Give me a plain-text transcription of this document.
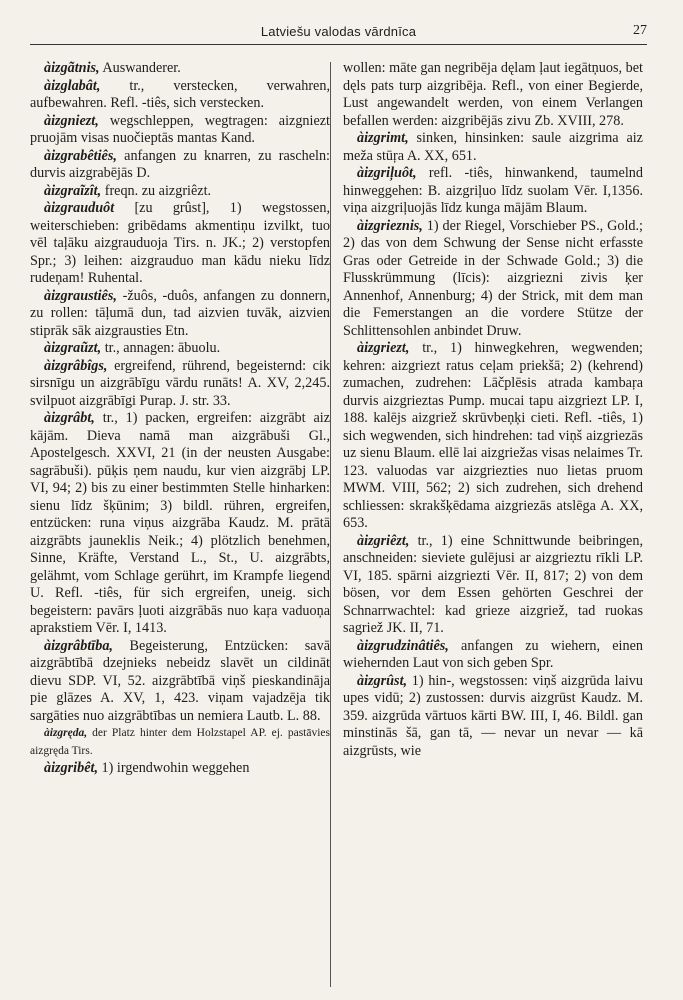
Latviešu valodas vārdnīca	27

àizgãtnis, Auswanderer.

àizglabât, tr., verstecken, verwahren, aufbewahren. Refl. -tiês, sich verstecken.

àizgniezt, wegschleppen, wegtragen: aizgniezt pruojām visas nuočieptās mantas Kand.

àizgrabêtiês, anfangen zu knarren, zu rascheln: durvis aizgrabējās D.

àizgraĩzît, freqn. zu aizgriêzt.

àizgrauduôt [zu grûst], 1) wegstossen, weiterschieben: gribēdams akmentiņu izvilkt, tuo vēl taļāku aizgrauduoja Tirs. n. JK.; 2) verstopfen Spr.; 3) leihen: aizgrauduo man kādu nieku līdz rudeņam! Ruhental.

àizgraustiês, -žuôs, -duôs, anfangen zu donnern, zu rollen: tāļumā dun, tad aizvien tuvāk, aizvien stiprāk sāk aizgrausties Etn.

àizgraũzt, tr., annagen: ābuolu.

àizgrâbîgs, ergreifend, rührend, begeisternd: cik sirsnīgu un aizgrābīgu vārdu runāts! A. XV, 2,245. svilpuot aizgrābīgi Purap. J. str. 33.

àizgrâbt, tr., 1) packen, ergreifen: aizgrābt aiz kājām. Dieva namā man aizgrābuši Gl., Apostelgesch. XXVI, 21 (in der neusten Ausgabe: sagrābuši). pūķis ņem naudu, kur vien aizgrābj LP. VI, 94; 2) bis zu einer bestimmten Stelle hinharken: sienu līdz šķūnim; 3) bildl. rühren, ergreifen, entzücken: runa viņus aizgrāba Kaudz. M. prātā aizgrābts jauneklis Neik.; 4) plötzlich benehmen, Sinne, Kräfte, Verstand L., St., U. aizgrābts, gelähmt, vom Schlage gerührt, im Krampfe liegend U. Refl. -tiês, für sich ergreifen, uneig. sich begeistern: pavārs ļuoti aizgrābās nuo kaŗa vaduoņa aprakstiem Vēr. I, 1413.

àizgrâbtība, Begeisterung, Entzücken: savā aizgrābtībā dzejnieks nebeidz slavēt un cildināt dievu SDP. VI, 52. aizgrābtībā viņš pieskandināja pie glāzes A. XV, 1, 423. viņam vajadzēja tik sargāties nuo aizgrābtības un nemiera Lautb. L. 88.

àizgręda, der Platz hinter dem Holzstapel AP. ej. pastāvies aizgręda Tirs.

àizgribêt, 1) irgendwohin weggehen

wollen: māte gan negribēja dęlam ļaut iegātņuos, bet dęls pats turp aizgribēja. Refl., von einer Begierde, Lust angewandelt werden, von einem Verlangen befallen werden: aizgribējās zivu Zb. XVIII, 278.

àizgrimt, sinken, hinsinken: saule aizgrima aiz meža stūŗa A. XX, 651.

àizgriļuôt, refl. -tiês, hinwankend, taumelnd hinweggehen: B. aizgriļuo līdz suolam Vēr. I,1356. viņa aizgriļuojās līdz kunga mājām Blaum.

àizgrieznis, 1) der Riegel, Vorschieber PS., Gold.; 2) das von dem Schwung der Sense nicht erfasste Gras oder Getreide in der Schwade Gold.; 3) die Flusskrümmung (līcis): aizgriezni zivis ķer Annenhof, Annenburg; 4) der Strick, mit dem man die Femerstangen an die vordere Stütze der Schlittensohlen anbindet Druw.

àizgriezt, tr., 1) hinwegkehren, wegwenden; kehren: aizgriezt ratus ceļam priekšā; 2) (kehrend) zumachen, zudrehen: Lāčplēsis atrada kambaŗa durvis aizgrieztas Pump. mucai tapu aizgriezt LP. I, 188. kalējs aizgriež skrūvbeņķi cieti. Refl. -tiês, 1) sich wegwenden, sich hindrehen: tad viņš aizgriezās uz sienu Blaum. ellē lai aizgriežas visas nelaimes Tr. 123. valuodas var aizgriezties nuo lietas pruom MWM. VIII, 562; 2) sich zudrehen, sich drehend schliessen: skrakšķēdama aizgriezās atslēga A. XX, 653.

àizgriêzt, tr., 1) eine Schnittwunde beibringen, anschneiden: sieviete gulējusi ar aizgrieztu rīkli LP. VI, 185. spārni aizgriezti Vēr. II, 817; 2) von dem bösen, vor dem Essen gehörten Geschrei der Schnarrwachtel: kad grieze aizgriež, tad ruokas sagriež JK. II, 71.

àizgrudzinâtiês, anfangen zu wiehern, einen wiehernden Laut von sich geben Spr.

àizgrûst, 1) hin-, wegstossen: viņš aizgrūda laivu upes vidū; 2) zustossen: durvis aizgrūst Kaudz. M. 359. aizgrūda vārtuos kārti BW. III, I, 46. Bildl. gan minstinās šā, gan tā, — nevar un nevar — kā aizgrūsts, wie
